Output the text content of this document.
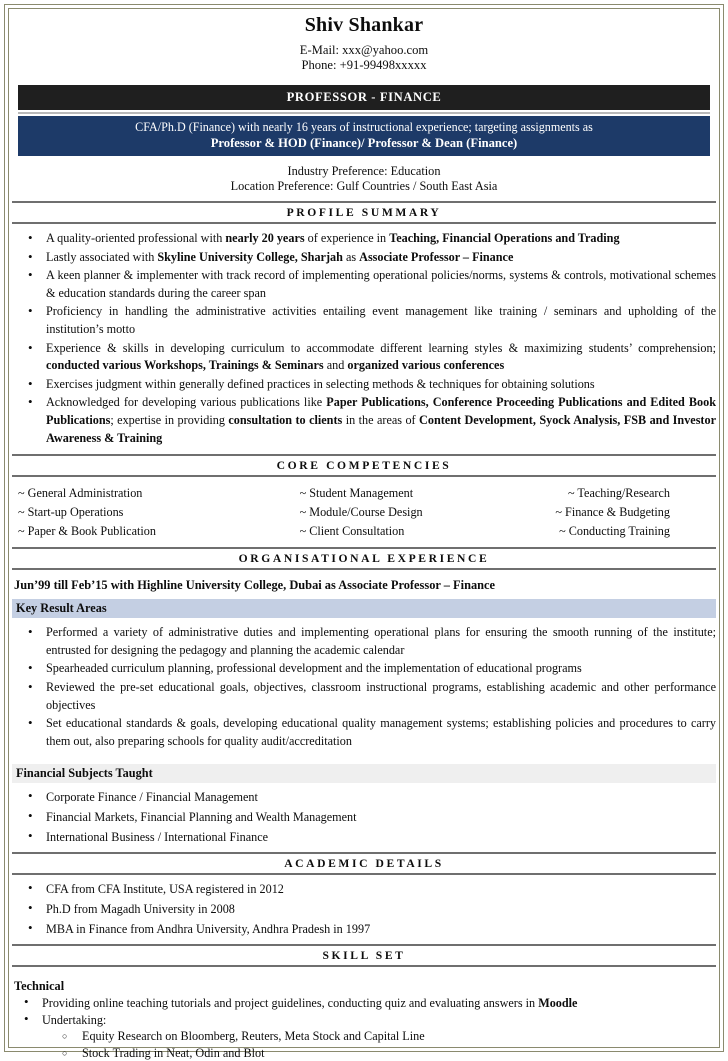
Shiv Shankar
E-Mail: xxx@yahoo.com
Phone: +91-99498xxxxx
PROFESSOR - FINANCE
CFA/Ph.D (Finance) with nearly 16 years of instructional experience; targeting assignments as
Professor & HOD (Finance)/ Professor & Dean (Finance)
Industry Preference: Education
Location Preference: Gulf Countries / South East Asia
PROFILE SUMMARY
• A quality-oriented professional with nearly 20 years of experience in Teaching, Financial Operations and Trading
• Lastly associated with Skyline University College, Sharjah as Associate Professor – Finance
• A keen planner & implementer with track record of implementing operational policies/norms, systems & controls, motivational schemes & education standards during the career span
• Proficiency in handling the administrative activities entailing event management like training / seminars and upholding of the institution’s motto
• Experience & skills in developing curriculum to accommodate different learning styles & maximizing students’ comprehension; conducted various Workshops, Trainings & Seminars and organized various conferences
• Exercises judgment within generally defined practices in selecting methods & techniques for obtaining solutions
• Acknowledged for developing various publications like Paper Publications, Conference Proceeding Publications and Edited Book Publications; expertise in providing consultation to clients in the areas of Content Development, Syock Analysis, FSB and Investor Awareness & Training
CORE COMPETENCIES
~ General Administration	~ Student Management	~ Teaching/Research
~ Start-up Operations	~ Module/Course Design	~ Finance & Budgeting
~ Paper & Book Publication	~ Client Consultation	~ Conducting Training
ORGANISATIONAL EXPERIENCE
Jun’99 till Feb’15 with Highline University College, Dubai as Associate Professor – Finance
Key Result Areas
• Performed a variety of administrative duties and implementing operational plans for ensuring the smooth running of the institute; entrusted for designing the pedagogy and planning the academic calendar
• Spearheaded curriculum planning, professional development and the implementation of educational programs
• Reviewed the pre-set educational goals, objectives, classroom instructional programs, establishing academic and other performance objectives
• Set educational standards & goals, developing educational quality management systems; establishing policies and procedures to carry them out, also preparing schools for quality audit/accreditation
Financial Subjects Taught
• Corporate Finance / Financial Management
• Financial Markets, Financial Planning and Wealth Management
• International Business / International Finance
ACADEMIC DETAILS
• CFA from CFA Institute, USA registered in 2012
• Ph.D from Magadh University in 2008
• MBA in Finance from Andhra University, Andhra Pradesh in 1997
SKILL SET
Technical
• Providing online teaching tutorials and project guidelines, conducting quiz and evaluating answers in Moodle
• Undertaking:
○ Equity Research on Bloomberg, Reuters, Meta Stock and Capital Line
○ Stock Trading in Neat, Odin and Blot
